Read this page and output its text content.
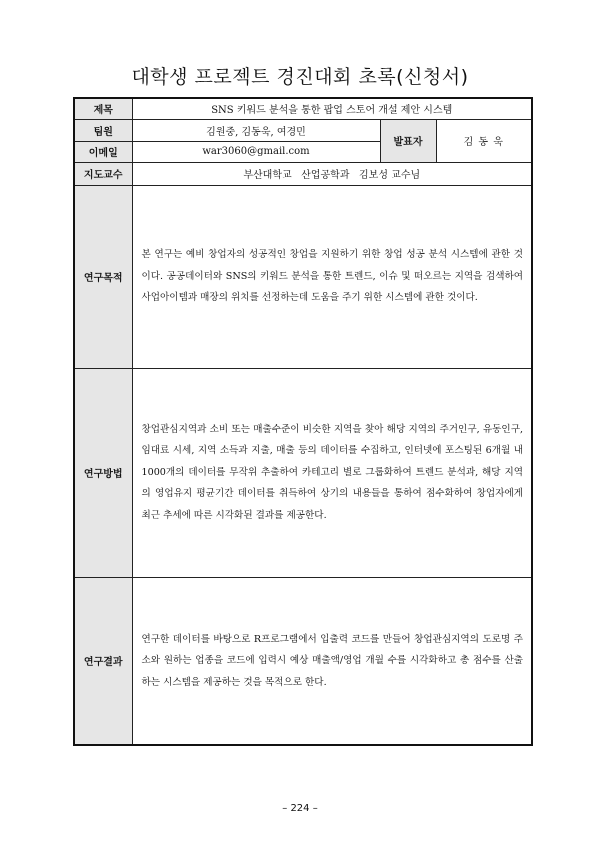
대학생 프로젝트 경진대회 초록(신청서)
제목	SNS 키워드 분석을 통한 팝업 스토어 개설 제안 시스템		
팀원	김원중, 김동욱, 여경민	발표자	김 동 욱
이메일	war3060@gmail.com		
지도교수	부산대학교   산업공학과   김보성 교수님		
연구목적	본 연구는 예비 창업자의 성공적인 창업을 지원하기 위한 창업 성공 분석 시스템에 관한 것이다. 공공데이터와 SNS의 키워드 분석을 통한 트렌드, 이슈 및 떠오르는 지역을 검색하여 사업아이템과 매장의 위치를 선정하는데 도움을 주기 위한 시스템에 관한 것이다.		
연구방법	창업관심지역과 소비 또는 매출수준이 비슷한 지역을 찾아 해당 지역의 주거인구, 유동인구, 임대료 시세, 지역 소득과 지출, 매출 등의 데이터를 수집하고, 인터넷에 포스팅된 6개월 내 1000개의 데이터를 무작위 추출하여 카테고리 별로 그룹화하여 트렌드 분석과, 해당 지역의 영업유지 평균기간 데이터를 취득하여 상기의 내용들을 통하여 점수화하여 창업자에게 최근 추세에 따른 시각화된 결과를 제공한다.		
연구결과	연구한 데이터를 바탕으로 R프로그램에서 입출력 코드를 만들어 창업관심지역의 도로명 주소와 원하는 업종을 코드에 입력시 예상 매출액/영업 개월 수를 시각화하고 총 점수를 산출하는 시스템을 제공하는 것을 목적으로 한다.		
– 224 –
